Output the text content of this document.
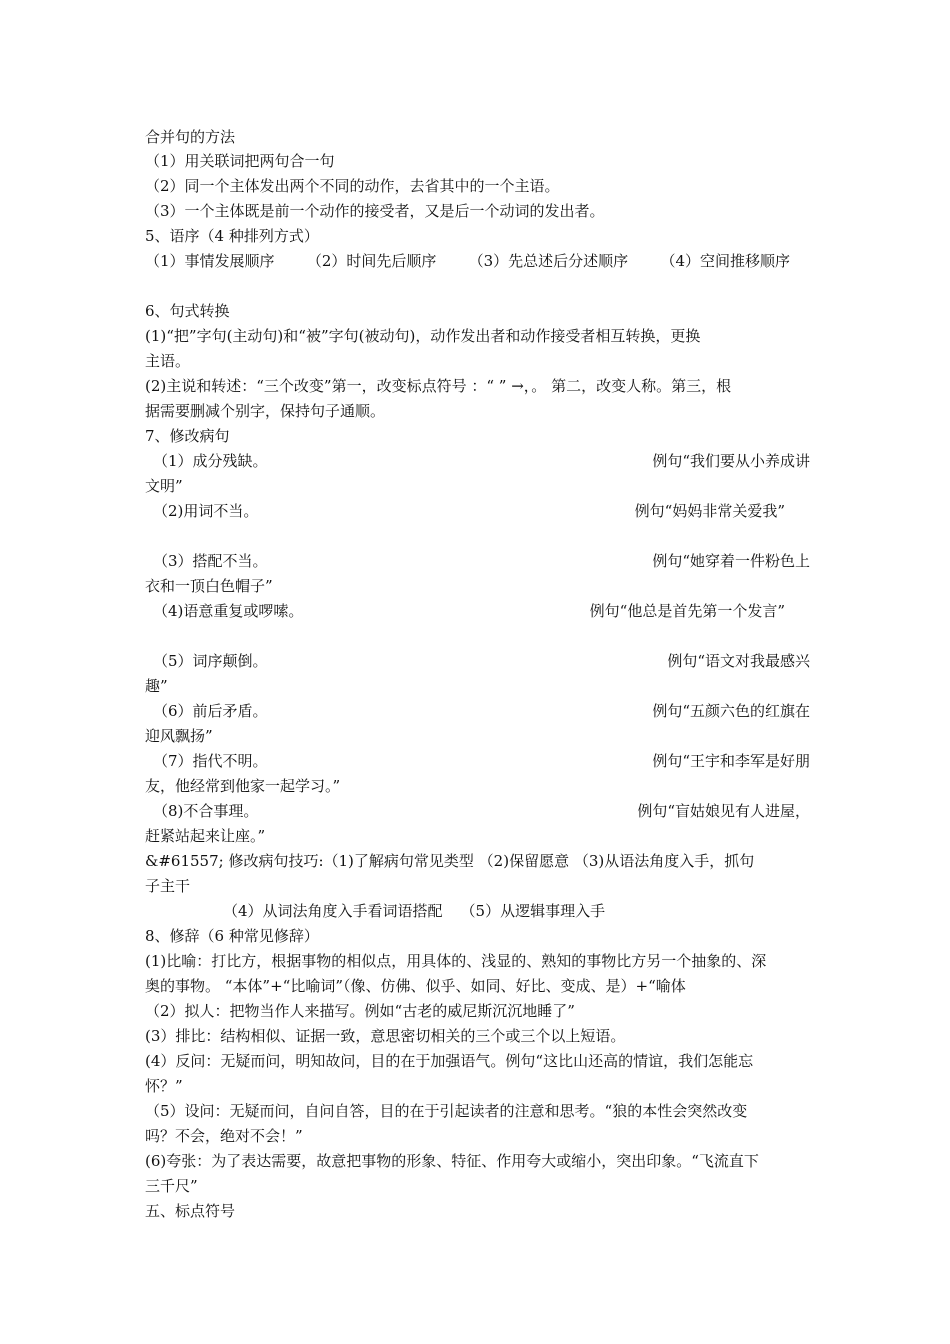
合并句的方法
（1）用关联词把两句合一句
（2）同一个主体发出两个不同的动作，去省其中的一个主语。
（3）一个主体既是前一个动作的接受者，又是后一个动词的发出者。
5、语序（4 种排列方式）
（1）事情发展顺序 （2）时间先后顺序 （3）先总述后分述顺序 （4）空间推移顺序
6、句式转换
(1)“把”字句(主动句)和“被”字句(被动句)，动作发出者和动作接受者相互转换，更换
主语。
(2)主说和转述：“三个改变”第一，改变标点符号 ：“ ” →，。 第二，改变人称。第三，根
据需要删减个别字，保持句子通顺。
7、修改病句
（1）成分残缺。	例句“我们要从小养成讲
文明”
（2)用词不当。	例句“妈妈非常关爱我”
（3）搭配不当。	例句“她穿着一件粉色上
衣和一顶白色帽子”
（4)语意重复或啰嗦。	例句“他总是首先第一个发言”
（5）词序颠倒。	例句“语文对我最感兴
趣”
（6）前后矛盾。	例句“五颜六色的红旗在
迎风飘扬”
（7）指代不明。	例句“王宇和李军是好朋
友，他经常到他家一起学习。”
（8)不合事理。	例句“盲姑娘见有人进屋，
赶紧站起来让座。”
&#61557; 修改病句技巧:（1)了解病句常见类型 （2)保留愿意 （3)从语法角度入手，抓句
子主干
（4）从词法角度入手看词语搭配 （5）从逻辑事理入手
8、修辞（6 种常见修辞）
(1)比喻：打比方，根据事物的相似点，用具体的、浅显的、熟知的事物比方另一个抽象的、深
奥的事物。 “本体”+“比喻词”（像、仿佛、似乎、如同、好比、变成、是）+“喻体
（2）拟人：把物当作人来描写。例如“古老的威尼斯沉沉地睡了”
(3）排比：结构相似、证据一致，意思密切相关的三个或三个以上短语。
(4）反问：无疑而问，明知故问，目的在于加强语气。例句“这比山还高的情谊，我们怎能忘
怀？”
（5）设问：无疑而问，自问自答，目的在于引起读者的注意和思考。“狼的本性会突然改变
吗？不会，绝对不会！”
(6)夸张：为了表达需要，故意把事物的形象、特征、作用夸大或缩小，突出印象。“飞流直下
三千尺”
五、标点符号
